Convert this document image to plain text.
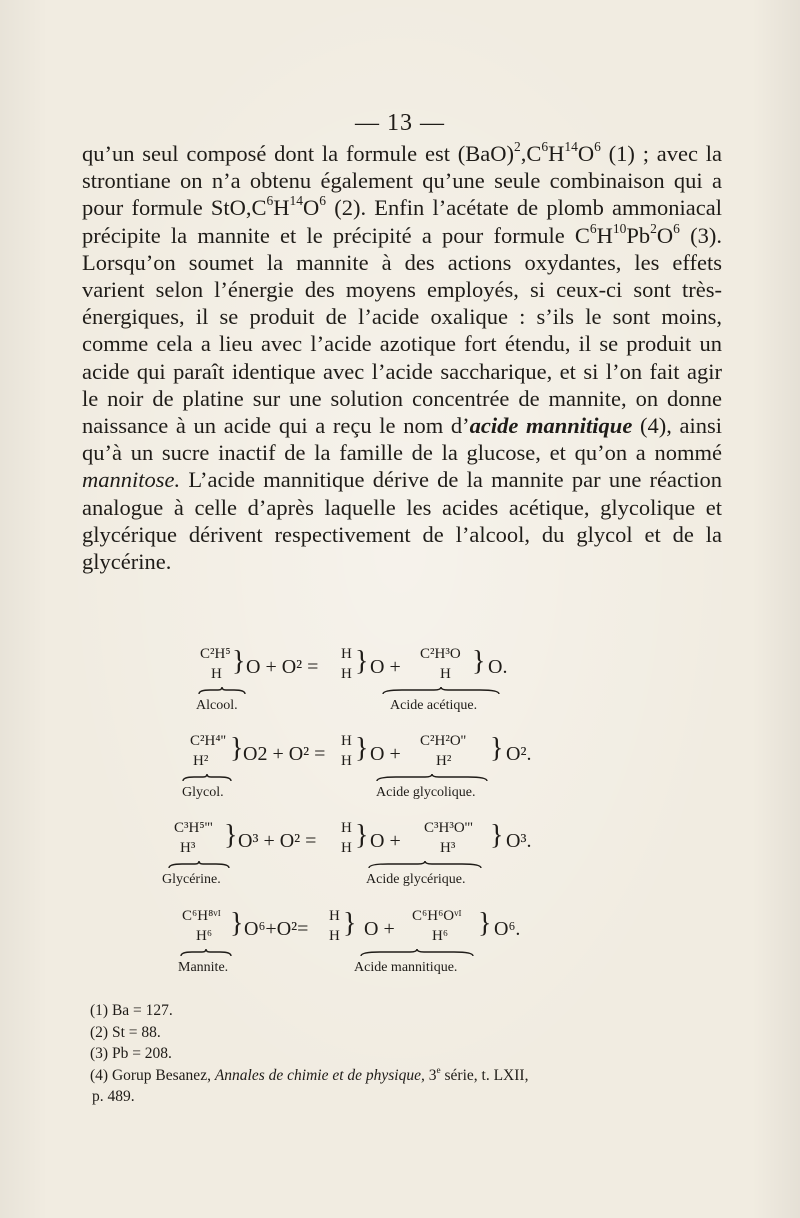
— 13 —

qu’un seul composé dont la formule est $(BaO)^2,C^6H^{14}O^6$ (1) ; avec la strontiane on n’a obtenu également qu’une seule combinaison qui a pour formule $StO,C^6H^{14}O^6$ (2). Enfin l’acétate de plomb ammoniacal précipite la mannite et le précipité a pour formule $C^6H^{10}Pb^2O^6$ (3). Lorsqu’on soumet la mannite à des actions oxydantes, les effets varient selon l’énergie des moyens employés, si ceux-ci sont très-énergiques, il se produit de l’acide oxalique : s’ils le sont moins, comme cela a lieu avec l’acide azotique fort étendu, il se produit un acide qui paraît identique avec l’acide saccharique, et si l’on fait agir le noir de platine sur une solution concentrée de mannite, on donne naissance à un acide qui a reçu le nom d’acide mannitique (4), ainsi qu’à un sucre inactif de la famille de la glucose, et qu’on a nommé mannitose. L’acide mannitique dérive de la mannite par une réaction analogue à celle d’après laquelle les acides acétique, glycolique et glycérique dérivent respectivement de l’alcool, du glycol et de la glycérine.

C²H⁵
H } O + O² =
H
H } O +
C²H³O
H } O.
Alcool.	Acide acétique.
C²H⁴''
H² } O2 + O² =
H
H } O +
C²H²O''
H² } O².
Glycol.	Acide glycolique.
C³H⁵'''
H³ } O³ + O² =
H
H } O +
C³H³O'''
H³ } O³.
Glycérine.	Acide glycérique.
C⁶H⁸ᵛᴵ
H⁶ } O⁶+O²=
H
H } O +
C⁶H⁶Oᵛᴵ
H⁶ } O⁶.
Mannite.	Acide mannitique.

(1) Ba = 127.

(2) St = 88.

(3) Pb = 208.

(4) Gorup Besanez, Annales de chimie et de physique, 3e série, t. LXII,

p. 489.
